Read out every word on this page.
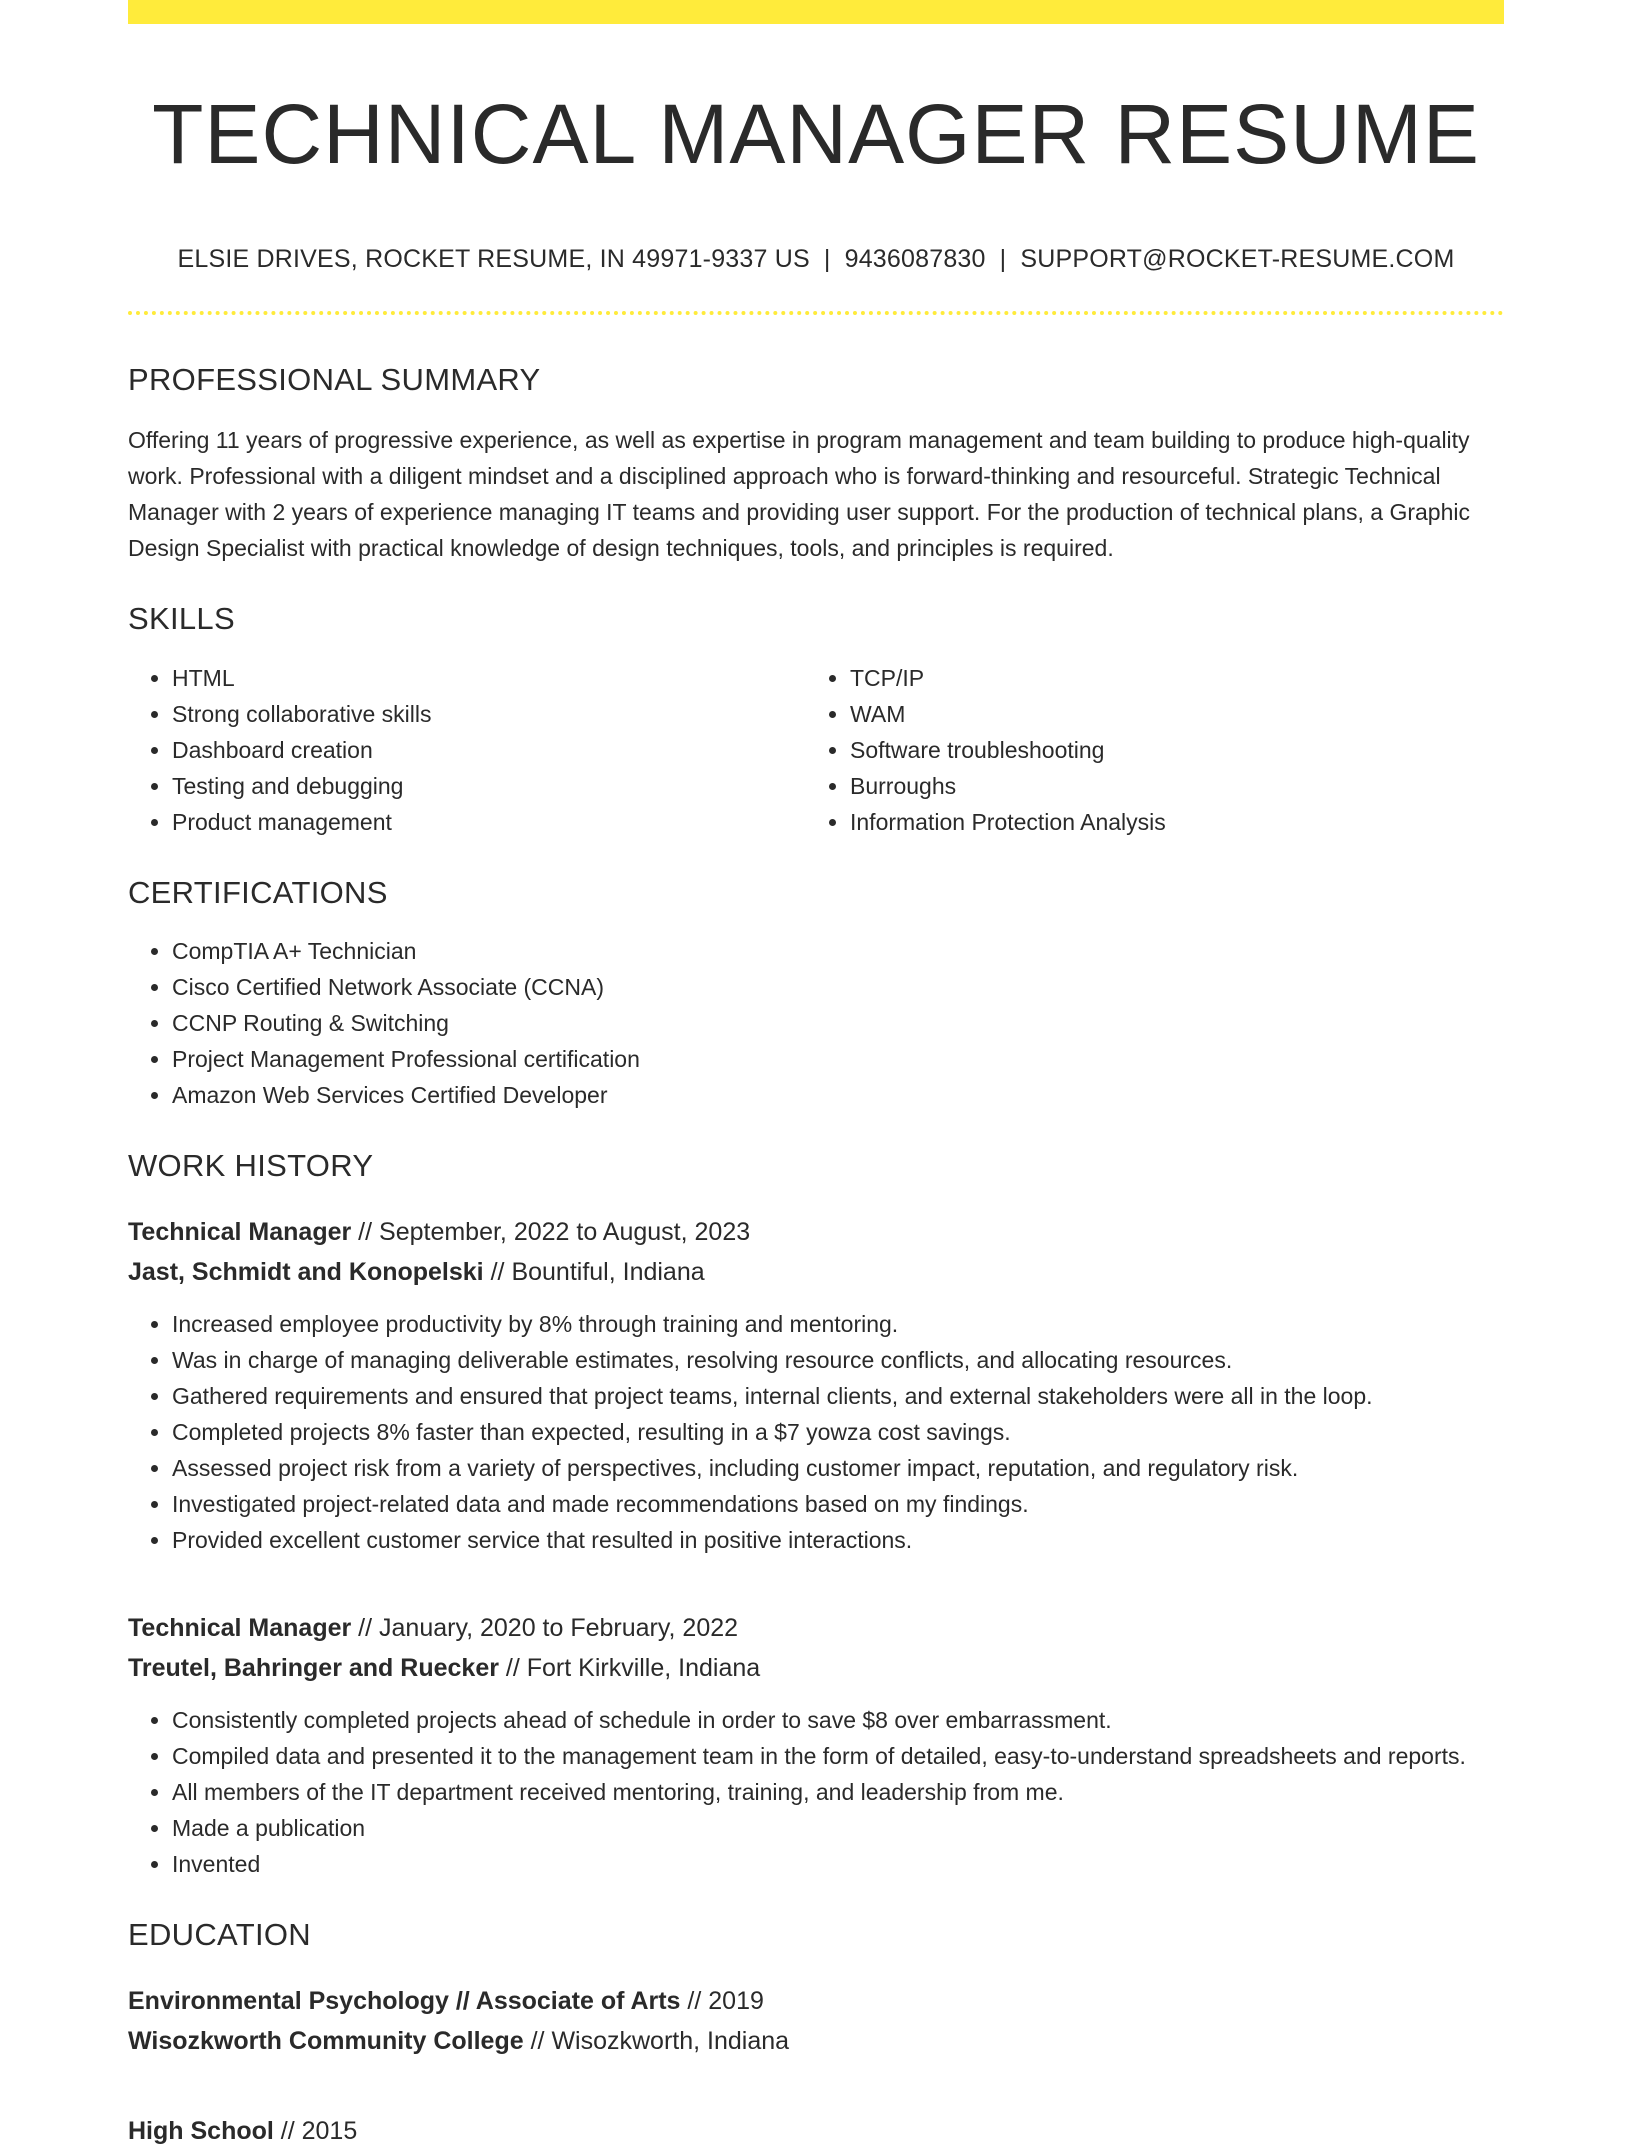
TECHNICAL MANAGER RESUME
ELSIE DRIVES, ROCKET RESUME, IN 49971-9337 US | 9436087830 | SUPPORT@ROCKET-RESUME.COM
PROFESSIONAL SUMMARY

Offering 11 years of progressive experience, as well as expertise in program management and team building to produce high-quality work. Professional with a diligent mindset and a disciplined approach who is forward-thinking and resourceful. Strategic Technical Manager with 2 years of experience managing IT teams and providing user support. For the production of technical plans, a Graphic Design Specialist with practical knowledge of design techniques, tools, and principles is required.

SKILLS
• HTML
• Strong collaborative skills
• Dashboard creation
• Testing and debugging
• Product management
• TCP/IP
• WAM
• Software troubleshooting
• Burroughs
• Information Protection Analysis
CERTIFICATIONS
• CompTIA A+ Technician
• Cisco Certified Network Associate (CCNA)
• CCNP Routing & Switching
• Project Management Professional certification
• Amazon Web Services Certified Developer
WORK HISTORY
Technical Manager // September, 2022 to August, 2023
Jast, Schmidt and Konopelski // Bountiful, Indiana
• Increased employee productivity by 8% through training and mentoring.
• Was in charge of managing deliverable estimates, resolving resource conflicts, and allocating resources.
• Gathered requirements and ensured that project teams, internal clients, and external stakeholders were all in the loop.
• Completed projects 8% faster than expected, resulting in a $7 yowza cost savings.
• Assessed project risk from a variety of perspectives, including customer impact, reputation, and regulatory risk.
• Investigated project-related data and made recommendations based on my findings.
• Provided excellent customer service that resulted in positive interactions.
Technical Manager // January, 2020 to February, 2022
Treutel, Bahringer and Ruecker // Fort Kirkville, Indiana
• Consistently completed projects ahead of schedule in order to save $8 over embarrassment.
• Compiled data and presented it to the management team in the form of detailed, easy-to-understand spreadsheets and reports.
• All members of the IT department received mentoring, training, and leadership from me.
• Made a publication
• Invented
EDUCATION
Environmental Psychology // Associate of Arts // 2019
Wisozkworth Community College // Wisozkworth, Indiana
High School // 2015
